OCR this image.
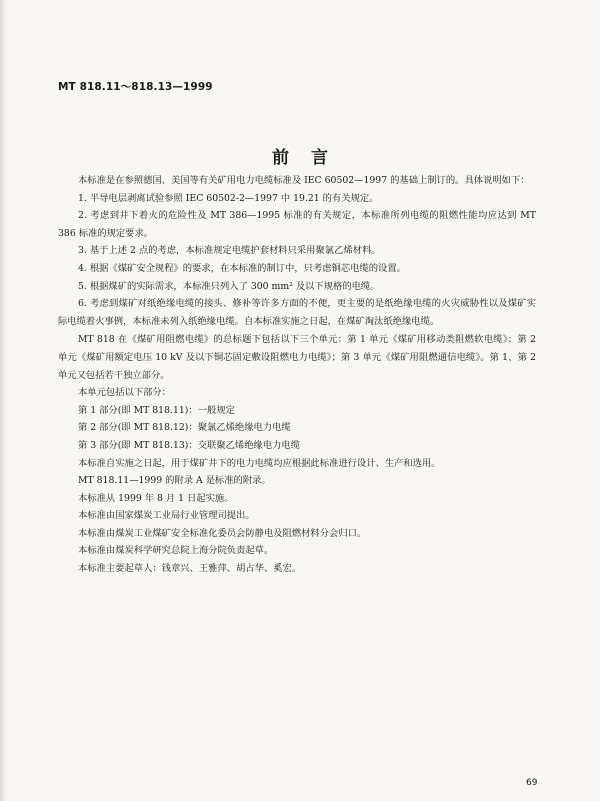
MT 818.11～818.13—1999
前言

本标准是在参照德国、美国等有关矿用电力电缆标准及 IEC 60502—1997 的基础上制订的。具体说明如下：

1. 半导电层剥离试验参照 IEC 60502-2—1997 中 19.21 的有关规定。

2. 考虑到井下着火的危险性及 MT 386—1995 标准的有关规定，本标准所列电缆的阻燃性能均应达到 MT 386 标准的规定要求。

3. 基于上述 2 点的考虑，本标准规定电缆护套材料只采用聚氯乙烯材料。

4. 根据《煤矿安全规程》的要求，在本标准的制订中，只考虑铜芯电缆的设置。

5. 根据煤矿的实际需求，本标准只列入了 300 mm² 及以下规格的电缆。

6. 考虑到煤矿对纸绝缘电缆的接头、修补等许多方面的不便，更主要的是纸绝缘电缆的火灾威胁性以及煤矿实际电缆着火事例，本标准未列入纸绝缘电缆。自本标准实施之日起，在煤矿淘汰纸绝缘电缆。

MT 818 在《煤矿用阻燃电缆》的总标题下包括以下三个单元：第 1 单元《煤矿用移动类阻燃软电缆》；第 2 单元《煤矿用额定电压 10 kV 及以下铜芯固定敷设阻燃电力电缆》；第 3 单元《煤矿用阻燃通信电缆》。第 1、第 2 单元又包括若干独立部分。

本单元包括以下部分：

第 1 部分(即 MT 818.11)：一般规定

第 2 部分(即 MT 818.12)：聚氯乙烯绝缘电力电缆

第 3 部分(即 MT 818.13)：交联聚乙烯绝缘电力电缆

本标准自实施之日起，用于煤矿井下的电力电缆均应根据此标准进行设计、生产和选用。

MT 818.11—1999 的附录 A 是标准的附录。

本标准从 1999 年 8 月 1 日起实施。

本标准由国家煤炭工业局行业管理司提出。

本标准由煤炭工业煤矿安全标准化委员会防静电及阻燃材料分会归口。

本标准由煤炭科学研究总院上海分院负责起草。

本标准主要起草人：钱章兴、王雅萍、胡占华、奚宏。

69
